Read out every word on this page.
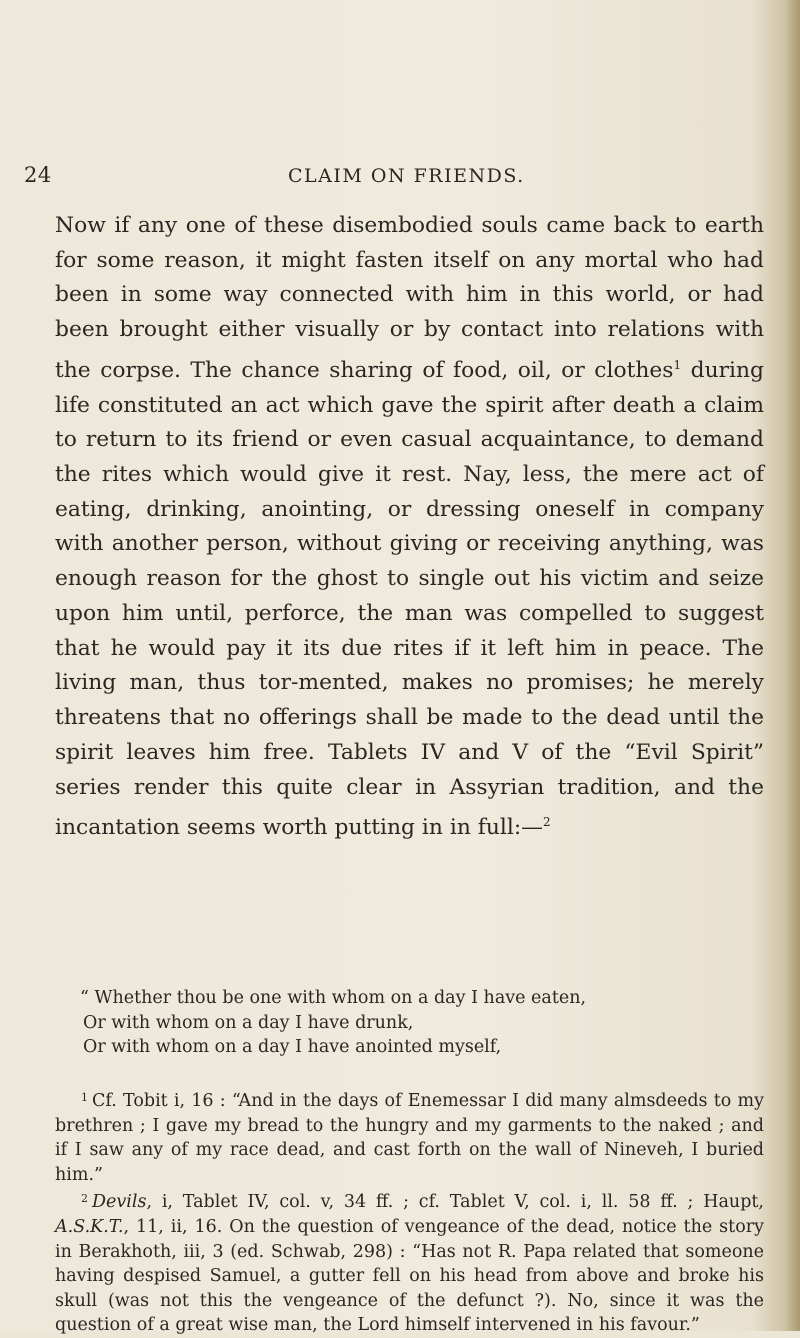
24	CLAIM ON FRIENDS.

Now if any one of these disembodied souls came back to earth for some reason, it might fasten itself on any mortal who had been in some way connected with him in this world, or had been brought either visually or by contact into relations with the corpse. The chance sharing of food, oil, or clothes$^1$ during life constituted an act which gave the spirit after death a claim to return to its friend or even casual acquaintance, to demand the rites which would give it rest. Nay, less, the mere act of eating, drinking, anointing, or dressing oneself in company with another person, without giving or receiving anything, was enough reason for the ghost to single out his victim and seize upon him until, perforce, the man was compelled to suggest that he would pay it its due rites if it left him in peace. The living man, thus tor-mented, makes no promises; he merely threatens that no offerings shall be made to the dead until the spirit leaves him free. Tablets IV and V of the “Evil Spirit” series render this quite clear in Assyrian tradition, and the incantation seems worth putting in in full:—$^2$

“ Whether thou be one with whom on a day I have eaten,
Or with whom on a day I have drunk,
Or with whom on a day I have anointed myself,

$^1$ Cf. Tobit i, 16 : “And in the days of Enemessar I did many almsdeeds to my brethren ; I gave my bread to the hungry and my garments to the naked ; and if I saw any of my race dead, and cast forth on the wall of Nineveh, I buried him.”

$^2$ Devils, i, Tablet IV, col. v, 34 ff. ; cf. Tablet V, col. i, ll. 58 ff. ; Haupt, A.S.K.T., 11, ii, 16. On the question of vengeance of the dead, notice the story in Berakhoth, iii, 3 (ed. Schwab, 298) : “Has not R. Papa related that someone having despised Samuel, a gutter fell on his head from above and broke his skull (was not this the vengeance of the defunct ?). No, since it was the question of a great wise man, the Lord himself intervened in his favour.”
